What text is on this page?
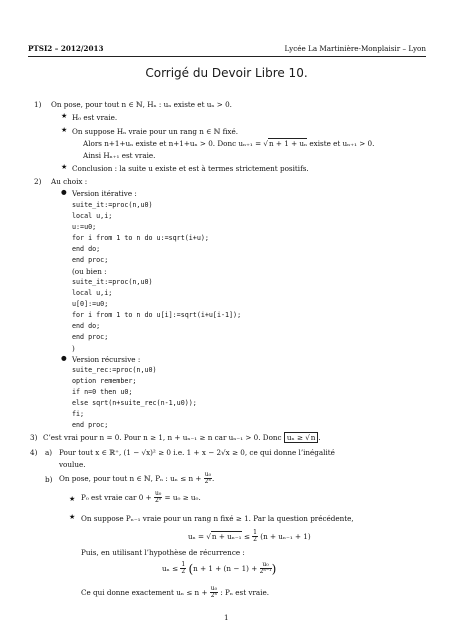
PTSI2 – 2012/2013	Lycée La Martinière-Monplaisir – Lyon
Corrigé du Devoir Libre 10.
1) On pose, pour tout n ∈ ℕ, Hₙ : uₙ existe et uₙ > 0.
★ H₀ est vraie.
★ On suppose Hₙ vraie pour un rang n ∈ ℕ fixé.
Alors n+1+uₙ existe et n+1+uₙ > 0. Donc uₙ₊₁ = √n + 1 + uₙ existe et uₙ₊₁ > 0.
Ainsi Hₙ₊₁ est vraie.
★ Conclusion : la suite u existe et est à termes strictement positifs.
2) Au choix :
● Version itérative :
suite_it:=proc(n,u0)
local u,i;
u:=u0;
for i from 1 to n do u:=sqrt(i+u);
end do;
end proc;
(ou bien :
suite_it:=proc(n,u0)
local u,i;
u[0]:=u0;
for i from 1 to n do u[i]:=sqrt(i+u[i-1]);
end do;
end proc;
)
● Version récursive :
suite_rec:=proc(n,u0)
option remember;
if n=0 then u0;
else sqrt(n+suite_rec(n-1,u0));
fi;
end proc;
3) C’est vrai pour n = 0. Pour n ≥ 1, n + uₙ₋₁ ≥ n car uₙ₋₁ > 0. Donc uₙ ≥ √n .
4) a) Pour tout x ∈ ℝ⁺, (1 − √x)² ≥ 0 i.e. 1 + x − 2√x ≥ 0, ce qui donne l’inégalité
voulue.
b) On pose, pour tout n ∈ ℕ, Pₙ : $u_n \le n + \frac{\text{u₀}}{\text{2ⁿ}}$ .
★ P₀ est vraie car $0 + \frac{\text{u₀}}{\text{2⁰}} = u_0 \ge u_0$.
★ On suppose Pₙ₋₁ vraie pour un rang n fixé ≥ 1. Par la question précédente,
$u_n = √n + u_{n-1} \le \frac{1}{2} (n + u_{n-1} + 1)$
Puis, en utilisant l’hypothèse de récurrence :
$u_n \le \frac{1}{2} (n + 1 + (n - 1) + \frac{\text{u₀}}{\text{2ⁿ⁻¹}}$ )
Ce qui donne exactement $u_n \le n + \frac{\text{u₀}}{\text{2ⁿ}}$ : Pₙ est vraie.
1
